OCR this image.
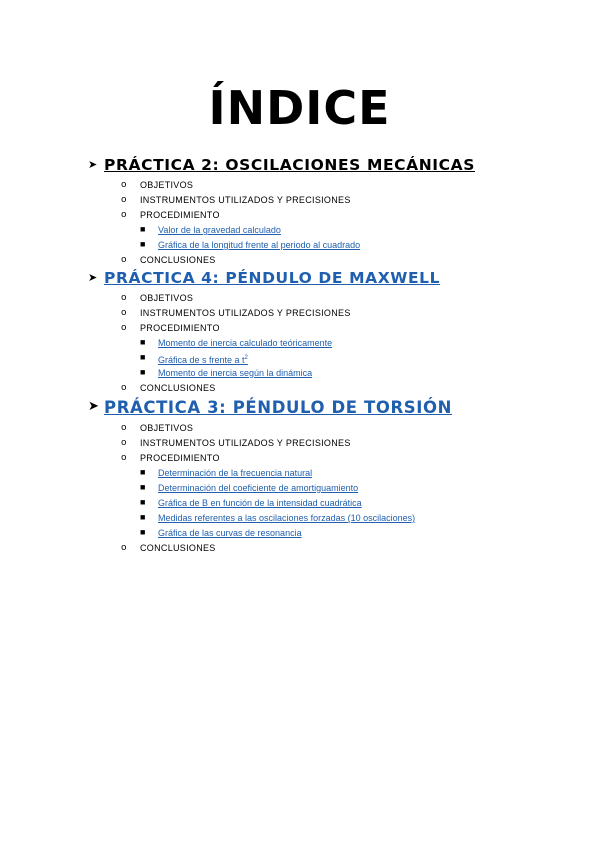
ÍNDICE
➤ PRÁCTICA 2: OSCILACIONES MECÁNICAS
o OBJETIVOS
o INSTRUMENTOS UTILIZADOS Y PRECISIONES
o PROCEDIMIENTO
■ Valor de la gravedad calculado
■ Gráfica de la longitud frente al periodo al cuadrado
o CONCLUSIONES
➤ PRÁCTICA 4: PÉNDULO DE MAXWELL
o OBJETIVOS
o INSTRUMENTOS UTILIZADOS Y PRECISIONES
o PROCEDIMIENTO
■ Momento de inercia calculado teóricamente
■ Gráfica de s frente a $t^2$
■ Momento de inercia según la dinámica
o CONCLUSIONES
➤ PRÁCTICA 3: PÉNDULO DE TORSIÓN
o OBJETIVOS
o INSTRUMENTOS UTILIZADOS Y PRECISIONES
o PROCEDIMIENTO
■ Determinación de la frecuencia natural
■ Determinación del coeficiente de amortiguamiento
■ Gráfica de B en función de la intensidad cuadrática
■ Medidas referentes a las oscilaciones forzadas (10 oscilaciones)
■ Gráfica de las curvas de resonancia
o CONCLUSIONES
